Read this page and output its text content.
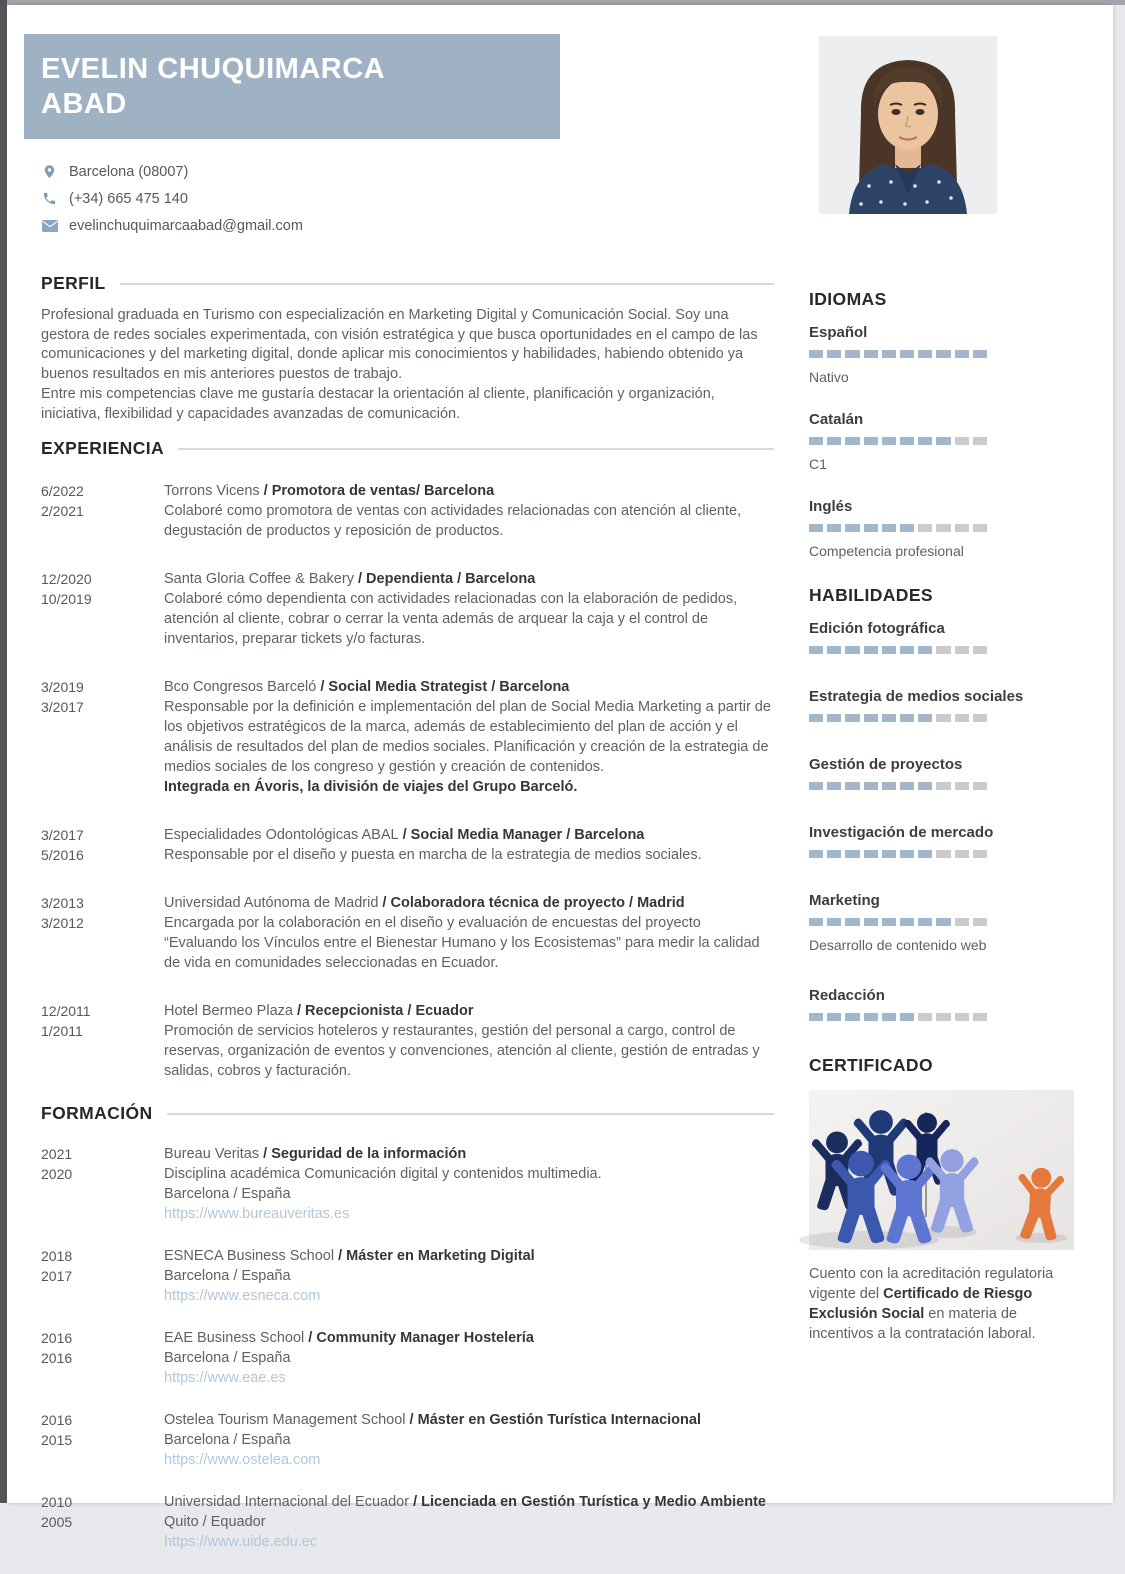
EVELIN CHUQUIMARCA ABAD
Barcelona (08007)
(+34) 665 475 140
evelinchuquimarcaabad@gmail.com
PERFIL

Profesional graduada en Turismo con especialización en Marketing Digital y Comunicación Social. Soy una gestora de redes sociales experimentada, con visión estratégica y que busca oportunidades en el campo de las comunicaciones y del marketing digital, donde aplicar mis conocimientos y habilidades, habiendo obtenido ya buenos resultados en mis anteriores puestos de trabajo.

Entre mis competencias clave me gustaría destacar la orientación al cliente, planificación y organización, iniciativa, flexibilidad y capacidades avanzadas de comunicación.

EXPERIENCIA
6/2022
2/2021
Torrons Vicens / Promotora de ventas/ Barcelona
Colaboré como promotora de ventas con actividades relacionadas con atención al cliente, degustación de productos y reposición de productos.
12/2020
10/2019
Santa Gloria Coffee & Bakery / Dependienta / Barcelona
Colaboré cómo dependienta con actividades relacionadas con la elaboración de pedidos, atención al cliente, cobrar o cerrar la venta además de arquear la caja y el control de inventarios, preparar tickets y/o facturas.
3/2019
3/2017
Bco Congresos Barceló / Social Media Strategist / Barcelona
Responsable por la definición e implementación del plan de Social Media Marketing a partir de los objetivos estratégicos de la marca, además de establecimiento del plan de acción y el análisis de resultados del plan de medios sociales. Planificación y creación de la estrategia de medios sociales de los congreso y gestión y creación de contenidos.
Integrada en Ávoris, la división de viajes del Grupo Barceló.
3/2017
5/2016
Especialidades Odontológicas ABAL / Social Media Manager / Barcelona
Responsable por el diseño y puesta en marcha de la estrategia de medios sociales.
3/2013
3/2012
Universidad Autónoma de Madrid / Colaboradora técnica de proyecto / Madrid
Encargada por la colaboración en el diseño y evaluación de encuestas del proyecto “Evaluando los Vínculos entre el Bienestar Humano y los Ecosistemas” para medir la calidad de vida en comunidades seleccionadas en Ecuador.
12/2011
1/2011
Hotel Bermeo Plaza / Recepcionista / Ecuador
Promoción de servicios hoteleros y restaurantes, gestión del personal a cargo, control de reservas, organización de eventos y convenciones, atención al cliente, gestión de entradas y salidas, cobros y facturación.
FORMACIÓN
2021
2020
Bureau Veritas / Seguridad de la información
Disciplina académica Comunicación digital y contenidos multimedia.
Barcelona / España
https://www.bureauveritas.es
2018
2017
ESNECA Business School / Máster en Marketing Digital
Barcelona / España
https://www.esneca.com
2016
2016
EAE Business School / Community Manager Hostelería
Barcelona / España
https://www.eae.es
2016
2015
Ostelea Tourism Management School / Máster en Gestión Turística Internacional
Barcelona / España
https://www.ostelea.com
2010
2005
Universidad Internacional del Ecuador / Licenciada en Gestión Turística y Medio Ambiente
Quito / Equador
https://www.uide.edu.ec
IDIOMAS
Español
Nativo
Catalán
C1
Inglés
Competencia profesional
HABILIDADES
Edición fotográfica
Estrategia de medios sociales
Gestión de proyectos
Investigación de mercado
Marketing
Desarrollo de contenido web
Redacción
CERTIFICADO

Cuento con la acreditación regulatoria vigente del Certificado de Riesgo Exclusión Social en materia de incentivos a la contratación laboral.
